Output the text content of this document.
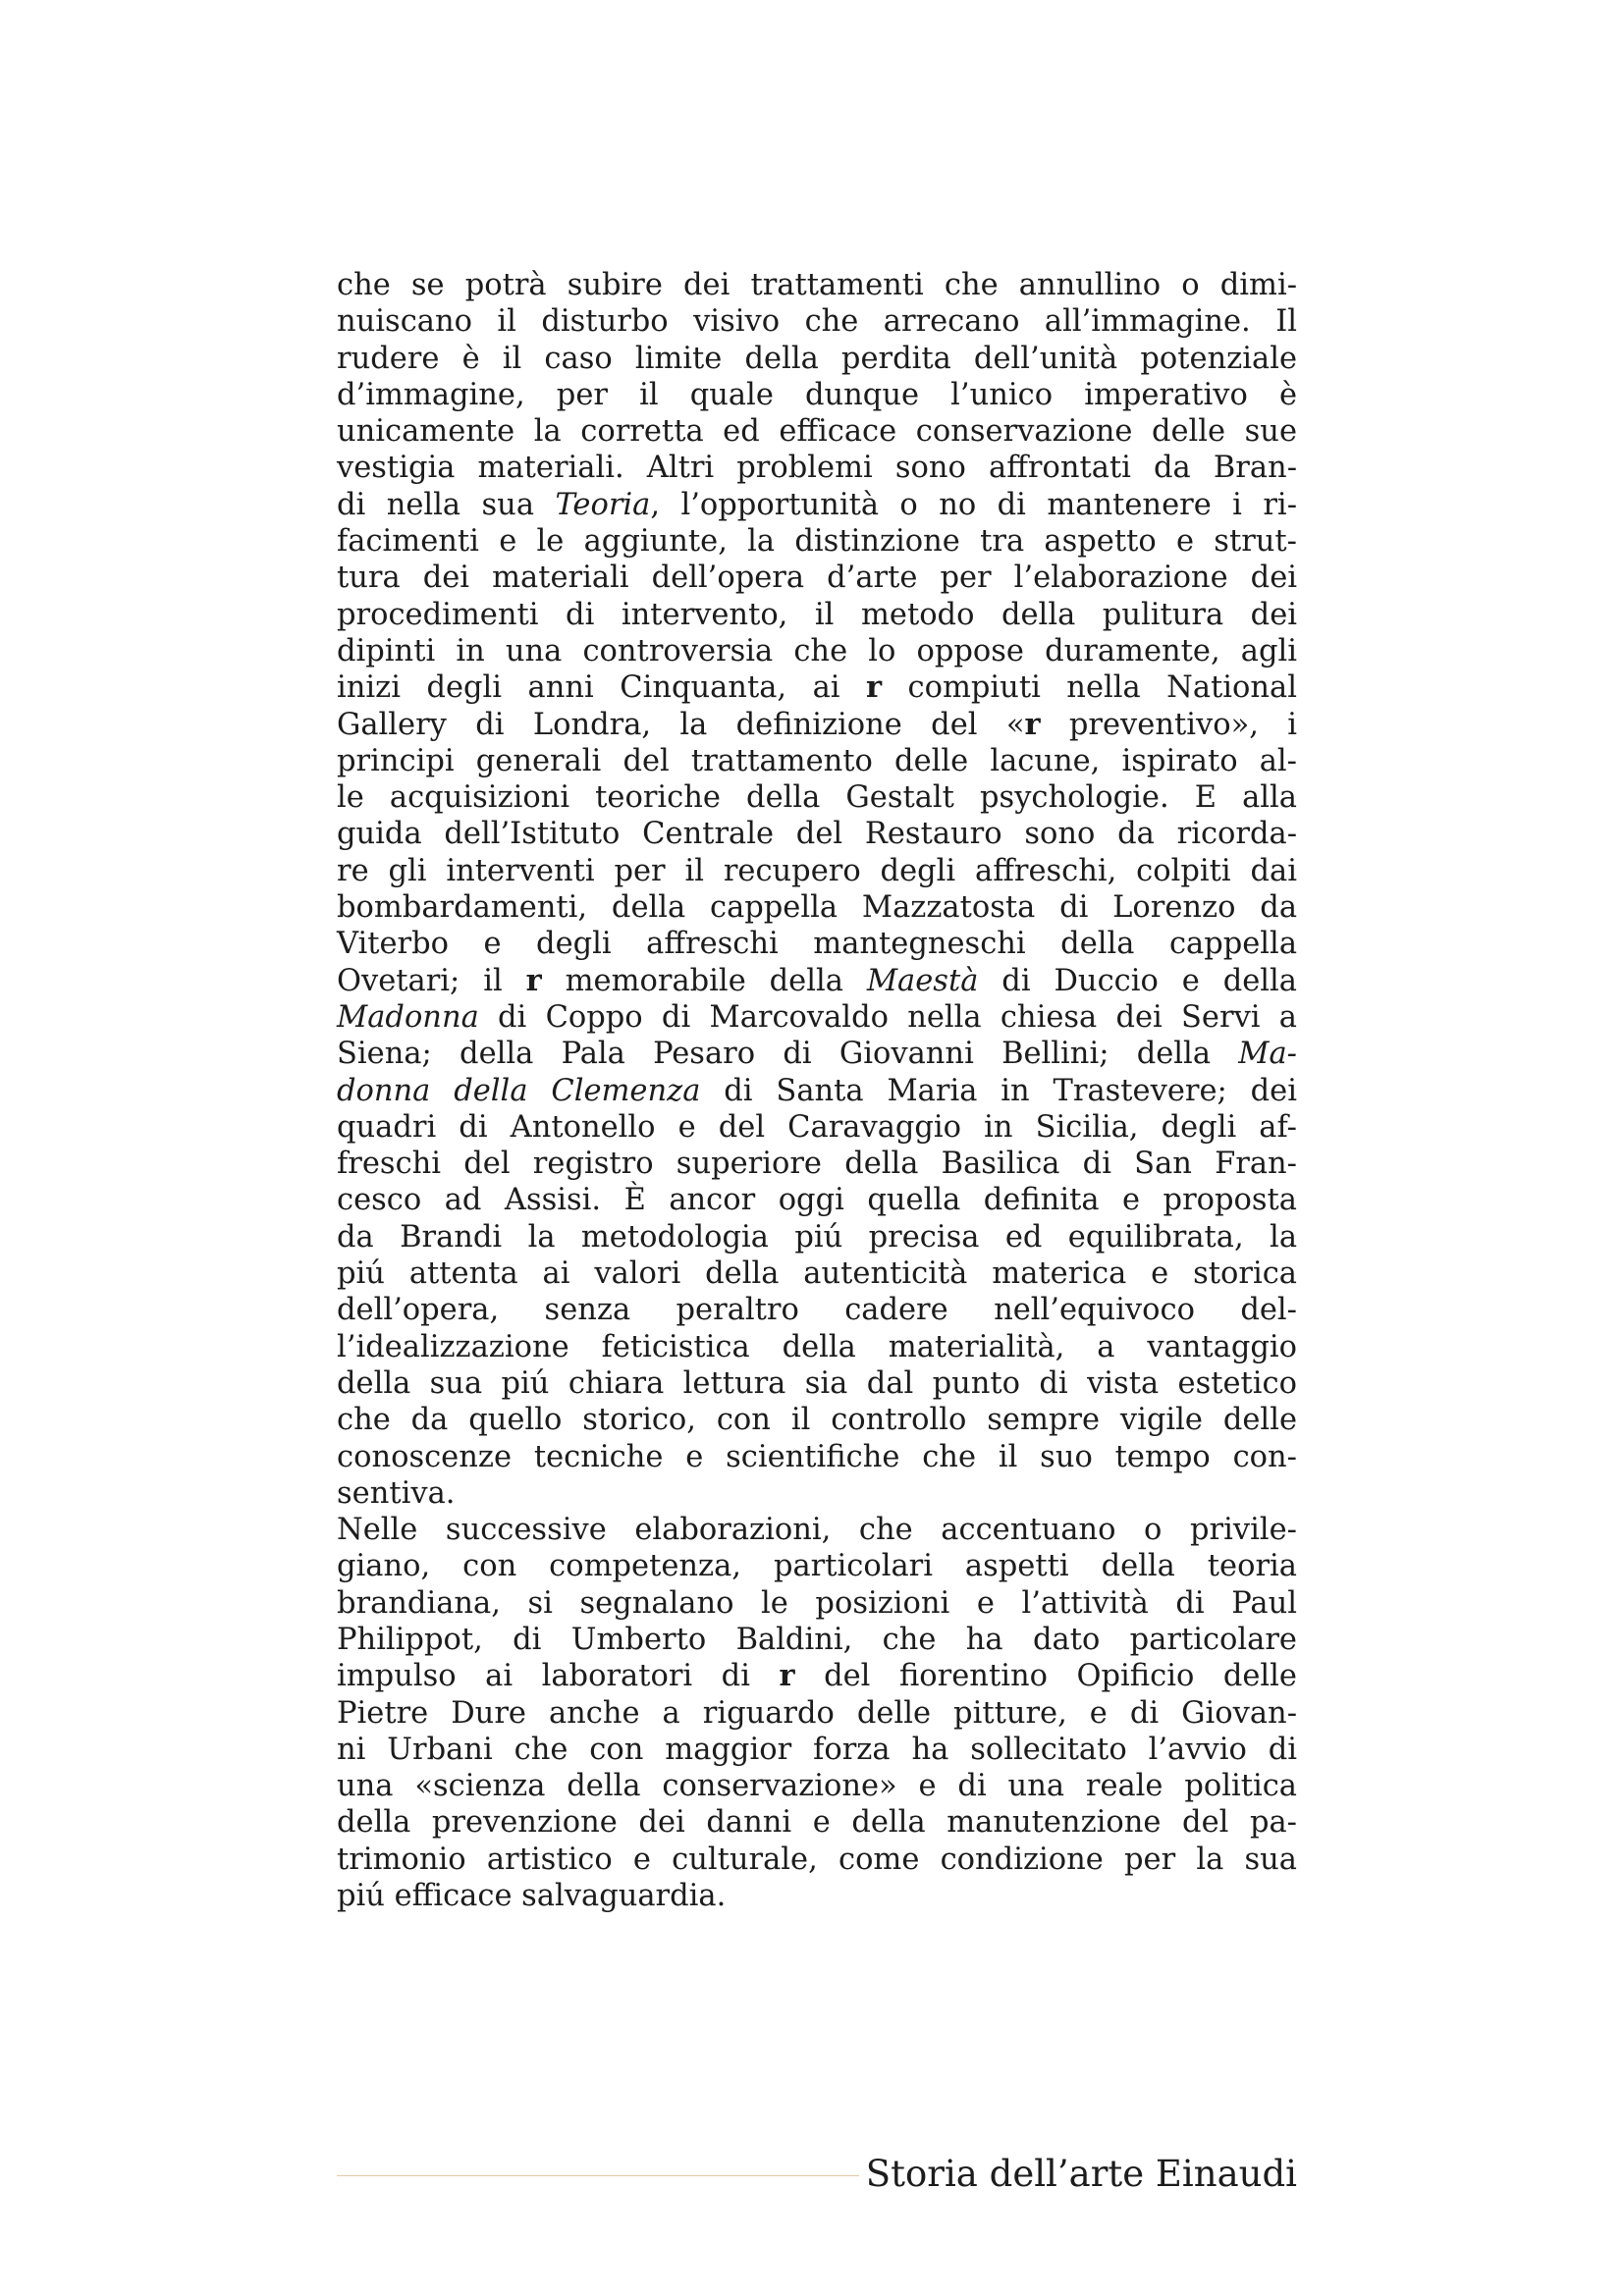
che se potrà subire dei trattamenti che annullino o dimi-
nuiscano il disturbo visivo che arrecano all’immagine. Il
rudere è il caso limite della perdita dell’unità potenziale
d’immagine, per il quale dunque l’unico imperativo è
unicamente la corretta ed efficace conservazione delle sue
vestigia materiali. Altri problemi sono affrontati da Bran-
di nella sua Teoria, l’opportunità o no di mantenere i ri-
facimenti e le aggiunte, la distinzione tra aspetto e strut-
tura dei materiali dell’opera d’arte per l’elaborazione dei
procedimenti di intervento, il metodo della pulitura dei
dipinti in una controversia che lo oppose duramente, agli
inizi degli anni Cinquanta, ai r compiuti nella National
Gallery di Londra, la definizione del «r preventivo», i
principi generali del trattamento delle lacune, ispirato al-
le acquisizioni teoriche della Gestalt psychologie. E alla
guida dell’Istituto Centrale del Restauro sono da ricorda-
re gli interventi per il recupero degli affreschi, colpiti dai
bombardamenti, della cappella Mazzatosta di Lorenzo da
Viterbo e degli affreschi mantegneschi della cappella
Ovetari; il r memorabile della Maestà di Duccio e della
Madonna di Coppo di Marcovaldo nella chiesa dei Servi a
Siena; della Pala Pesaro di Giovanni Bellini; della Ma-
donna della Clemenza di Santa Maria in Trastevere; dei
quadri di Antonello e del Caravaggio in Sicilia, degli af-
freschi del registro superiore della Basilica di San Fran-
cesco ad Assisi. È ancor oggi quella definita e proposta
da Brandi la metodologia piú precisa ed equilibrata, la
piú attenta ai valori della autenticità materica e storica
dell’opera, senza peraltro cadere nell’equivoco del-
l’idealizzazione feticistica della materialità, a vantaggio
della sua piú chiara lettura sia dal punto di vista estetico
che da quello storico, con il controllo sempre vigile delle
conoscenze tecniche e scientifiche che il suo tempo con-
sentiva.
Nelle successive elaborazioni, che accentuano o privile-
giano, con competenza, particolari aspetti della teoria
brandiana, si segnalano le posizioni e l’attività di Paul
Philippot, di Umberto Baldini, che ha dato particolare
impulso ai laboratori di r del fiorentino Opificio delle
Pietre Dure anche a riguardo delle pitture, e di Giovan-
ni Urbani che con maggior forza ha sollecitato l’avvio di
una «scienza della conservazione» e di una reale politica
della prevenzione dei danni e della manutenzione del pa-
trimonio artistico e culturale, come condizione per la sua
piú efficace salvaguardia.
Storia dell’arte Einaudi
